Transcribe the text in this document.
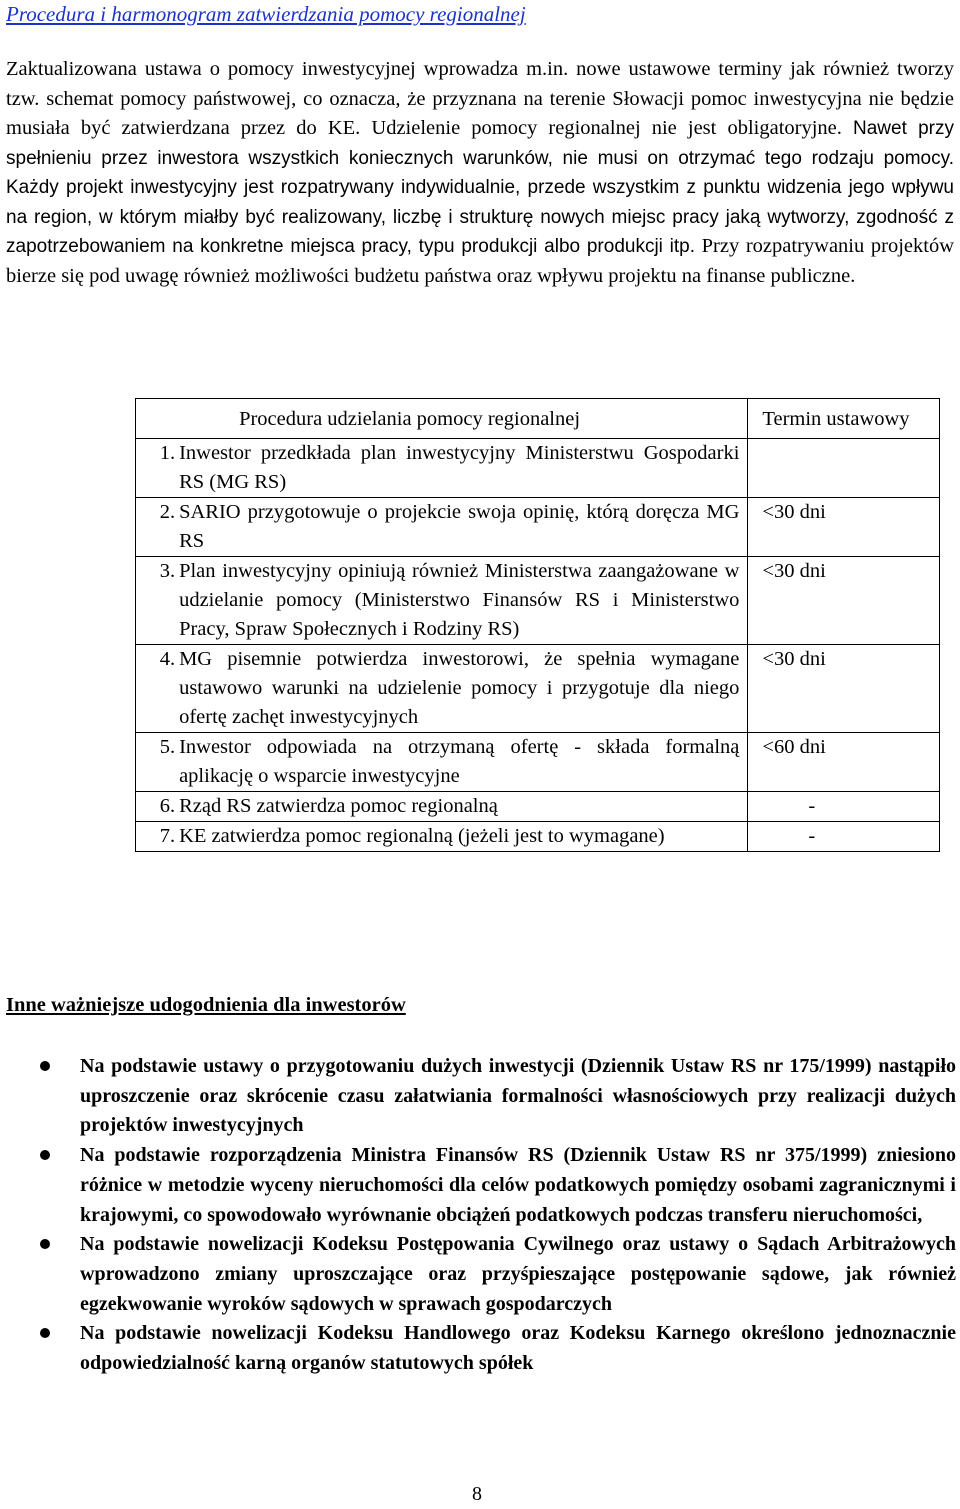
Procedura i harmonogram zatwierdzania pomocy regionalnej

Zaktualizowana ustawa o pomocy inwestycyjnej wprowadza m.in. nowe ustawowe terminy jak również tworzy tzw. schemat pomocy państwowej, co oznacza, że przyznana na terenie Słowacji pomoc inwestycyjna nie będzie musiała być zatwierdzana przez do KE. Udzielenie pomocy regionalnej nie jest obligatoryjne. Nawet przy spełnieniu przez inwestora wszystkich koniecznych warunków, nie musi on otrzymać tego rodzaju pomocy. Każdy projekt inwestycyjny jest rozpatrywany indywidualnie, przede wszystkim z punktu widzenia jego wpływu na region, w którym miałby być realizowany, liczbę i strukturę nowych miejsc pracy jaką wytworzy, zgodność z zapotrzebowaniem na konkretne miejsca pracy, typu produkcji albo produkcji itp. Przy rozpatrywaniu projektów bierze się pod uwagę również możliwości budżetu państwa oraz wpływu projektu na finanse publiczne.

	Procedura udzielania pomocy regionalnej	Termin ustawowy
1.	Inwestor przedkłada plan inwestycyjny Ministerstwu Gospodarki RS (MG RS)	
2.	SARIO przygotowuje o projekcie swoja opinię, którą doręcza MG RS	<30 dni
3.	Plan inwestycyjny opiniują również Ministerstwa zaangażowane w udzielanie pomocy (Ministerstwo Finansów RS i Ministerstwo Pracy, Spraw Społecznych i Rodziny RS)	<30 dni
4.	MG pisemnie potwierdza inwestorowi, że spełnia wymagane ustawowo warunki na udzielenie pomocy i przygotuje dla niego ofertę zachęt inwestycyjnych	<30 dni
5.	Inwestor odpowiada na otrzymaną ofertę - składa formalną aplikację o wsparcie inwestycyjne	<60 dni
6.	Rząd RS zatwierdza pomoc regionalną	-
7.	KE zatwierdza pomoc regionalną (jeżeli jest to wymagane)	-
Inne ważniejsze udogodnienia dla inwestorów
Na podstawie ustawy o przygotowaniu dużych inwestycji (Dziennik Ustaw RS nr 175/1999) nastąpiło uproszczenie oraz skrócenie czasu załatwiania formalności własnościowych przy realizacji dużych projektów inwestycyjnych
Na podstawie rozporządzenia Ministra Finansów RS (Dziennik Ustaw RS nr 375/1999) zniesiono różnice w metodzie wyceny nieruchomości dla celów podatkowych pomiędzy osobami zagranicznymi i krajowymi, co spowodowało wyrównanie obciążeń podatkowych podczas transferu nieruchomości,
Na podstawie nowelizacji Kodeksu Postępowania Cywilnego oraz ustawy o Sądach Arbitrażowych wprowadzono zmiany uproszczające oraz przyśpieszające postępowanie sądowe, jak również egzekwowanie wyroków sądowych w sprawach gospodarczych
Na podstawie nowelizacji Kodeksu Handlowego oraz Kodeksu Karnego określono jednoznacznie odpowiedzialność karną organów statutowych spółek
8
